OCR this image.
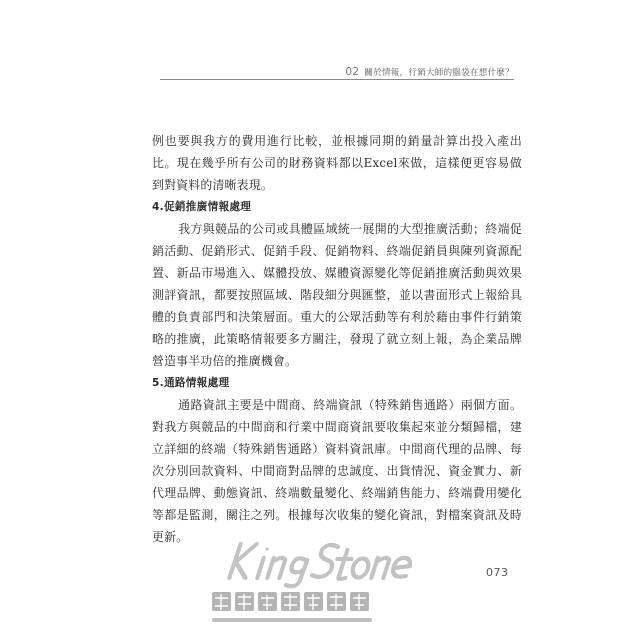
02 關於情報，行銷大師的腦袋在想什麼？

例也要與我方的費用進行比較，並根據同期的銷量計算出投入產出比。現在幾乎所有公司的財務資料都以Excel來做，這樣便更容易做到對資料的清晰表現。

4.促銷推廣情報處理

我方與競品的公司或具體區域統一展開的大型推廣活動；終端促銷活動、促銷形式、促銷手段、促銷物料、終端促銷員與陳列資源配置、新品市場進入、媒體投放、媒體資源變化等促銷推廣活動與效果測評資訊，都要按照區域、階段細分與匯整，並以書面形式上報給具體的負責部門和決策層面。重大的公眾活動等有利於藉由事件行銷策略的推廣，此策略情報要多方關注，發現了就立刻上報，為企業品牌營造事半功倍的推廣機會。

5.通路情報處理

通路資訊主要是中間商、終端資訊（特殊銷售通路）兩個方面。對我方與競品的中間商和行業中間商資訊要收集起來並分類歸檔，建立詳細的終端（特殊銷售通路）資料資訊庫。中間商代理的品牌、每次分別回款資料、中間商對品牌的忠誠度、出貨情況、資金實力、新代理品牌、動態資訊、終端數量變化、終端銷售能力、終端費用變化等都是監測，關注之列。根據每次收集的變化資訊，對檔案資訊及時更新。

073
